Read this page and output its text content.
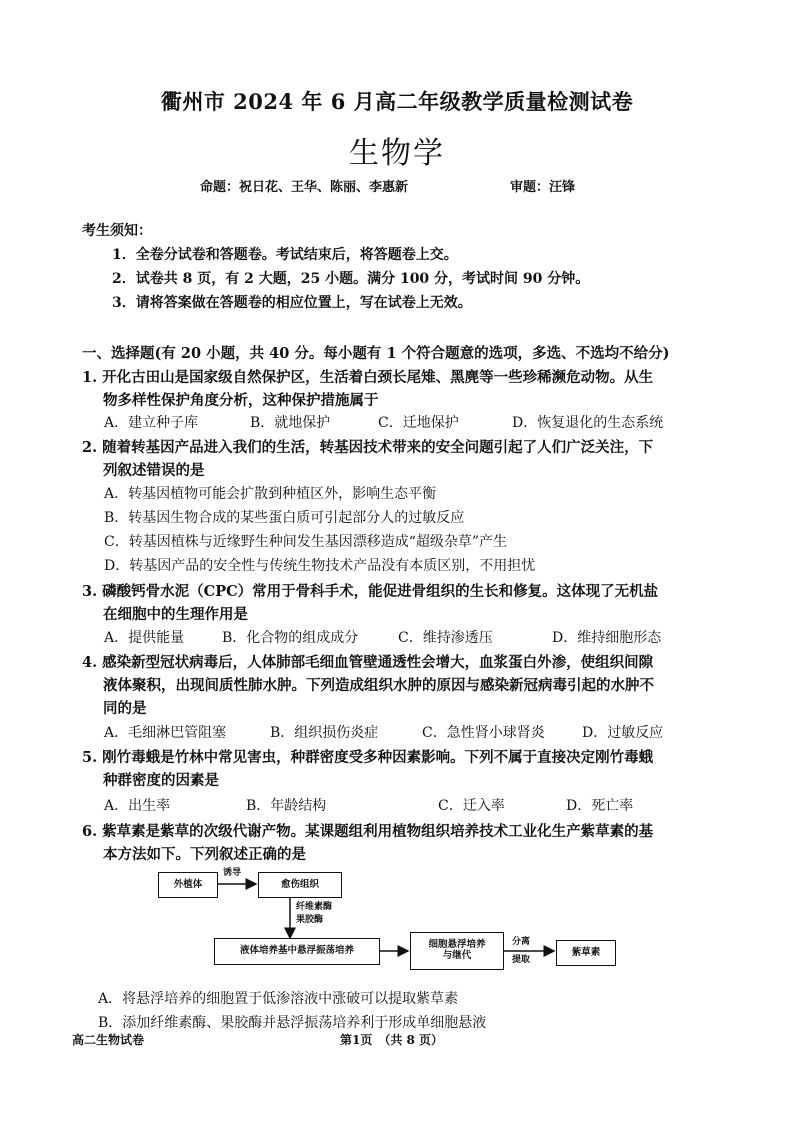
衢州市 2024 年 6 月高二年级教学质量检测试卷
生物学
命题：祝日花、王华、陈丽、李惠新	审题：汪锋
考生须知：
1．全卷分试卷和答题卷。考试结束后，将答题卷上交。
2．试卷共 8 页，有 2 大题，25 小题。满分 100 分，考试时间 90 分钟。
3．请将答案做在答题卷的相应位置上，写在试卷上无效。
一、选择题(有 20 小题，共 40 分。每小题有 1 个符合题意的选项，多选、不选均不给分)
1. 开化古田山是国家级自然保护区，生活着白颈长尾雉、黑麂等一些珍稀濒危动物。从生
物多样性保护角度分析，这种保护措施属于
A．建立种子库	B．就地保护	C．迁地保护	D．恢复退化的生态系统
2. 随着转基因产品进入我们的生活，转基因技术带来的安全问题引起了人们广泛关注，下
列叙述错误的是
A．转基因植物可能会扩散到种植区外，影响生态平衡
B．转基因生物合成的某些蛋白质可引起部分人的过敏反应
C．转基因植株与近缘野生种间发生基因漂移造成“超级杂草”产生
D．转基因产品的安全性与传统生物技术产品没有本质区别，不用担忧
3. 磷酸钙骨水泥（CPC）常用于骨科手术，能促进骨组织的生长和修复。这体现了无机盐
在细胞中的生理作用是
A．提供能量	B．化合物的组成成分	C．维持渗透压	D．维持细胞形态
4. 感染新型冠状病毒后，人体肺部毛细血管壁通透性会增大，血浆蛋白外渗，使组织间隙
液体聚积，出现间质性肺水肿。下列造成组织水肿的原因与感染新冠病毒引起的水肿不
同的是
A．毛细淋巴管阻塞	B．组织损伤炎症	C．急性肾小球肾炎	D．过敏反应
5. 刚竹毒蛾是竹林中常见害虫，种群密度受多种因素影响。下列不属于直接决定刚竹毒蛾
种群密度的因素是
A．出生率	B．年龄结构	C．迁入率	D．死亡率
6. 紫草素是紫草的次级代谢产物。某课题组利用植物组织培养技术工业化生产紫草素的基
本方法如下。下列叙述正确的是
外植体	愈伤组织
液体培养基中悬浮振荡培养
细胞悬浮培养
与继代	紫草素
诱导
纤维素酶
果胶酶
分离
提取
A．将悬浮培养的细胞置于低渗溶液中涨破可以提取紫草素
B．添加纤维素酶、果胶酶并悬浮振荡培养利于形成单细胞悬液
高二生物试卷	第1页　（共 8 页）
